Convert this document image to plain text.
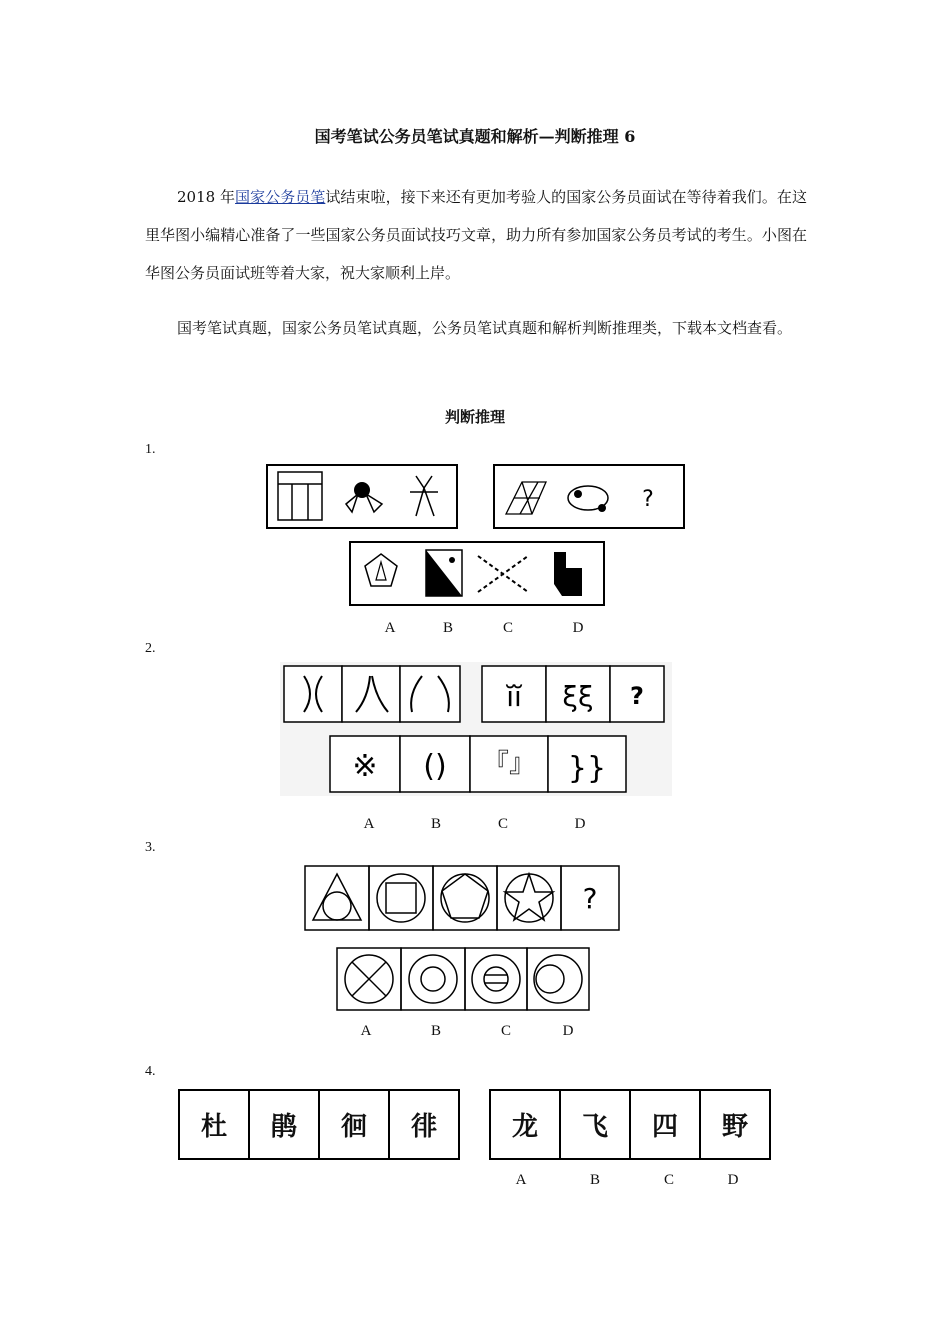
国考笔试公务员笔试真题和解析—判断推理 6
2018 年国家公务员笔试结束啦，接下来还有更加考验人的国家公务员面试在等待着我们。在这里华图小编精心准备了一些国家公务员面试技巧文章，助力所有参加国家公务员考试的考生。小图在华图公务员面试班等着大家，祝大家顺利上岸。
国考笔试真题，国家公务员笔试真题，公务员笔试真题和解析判断推理类，下载本文档查看。
判断推理
1.
?
A	B	C	D
2.
ĭĭ ξξ ?
※ () 『』 }}
A	B	C	D
3.
?
A	B	C	D
4.
杜	鹃	徊	徘	龙	飞	四	野
A	B	C	D
